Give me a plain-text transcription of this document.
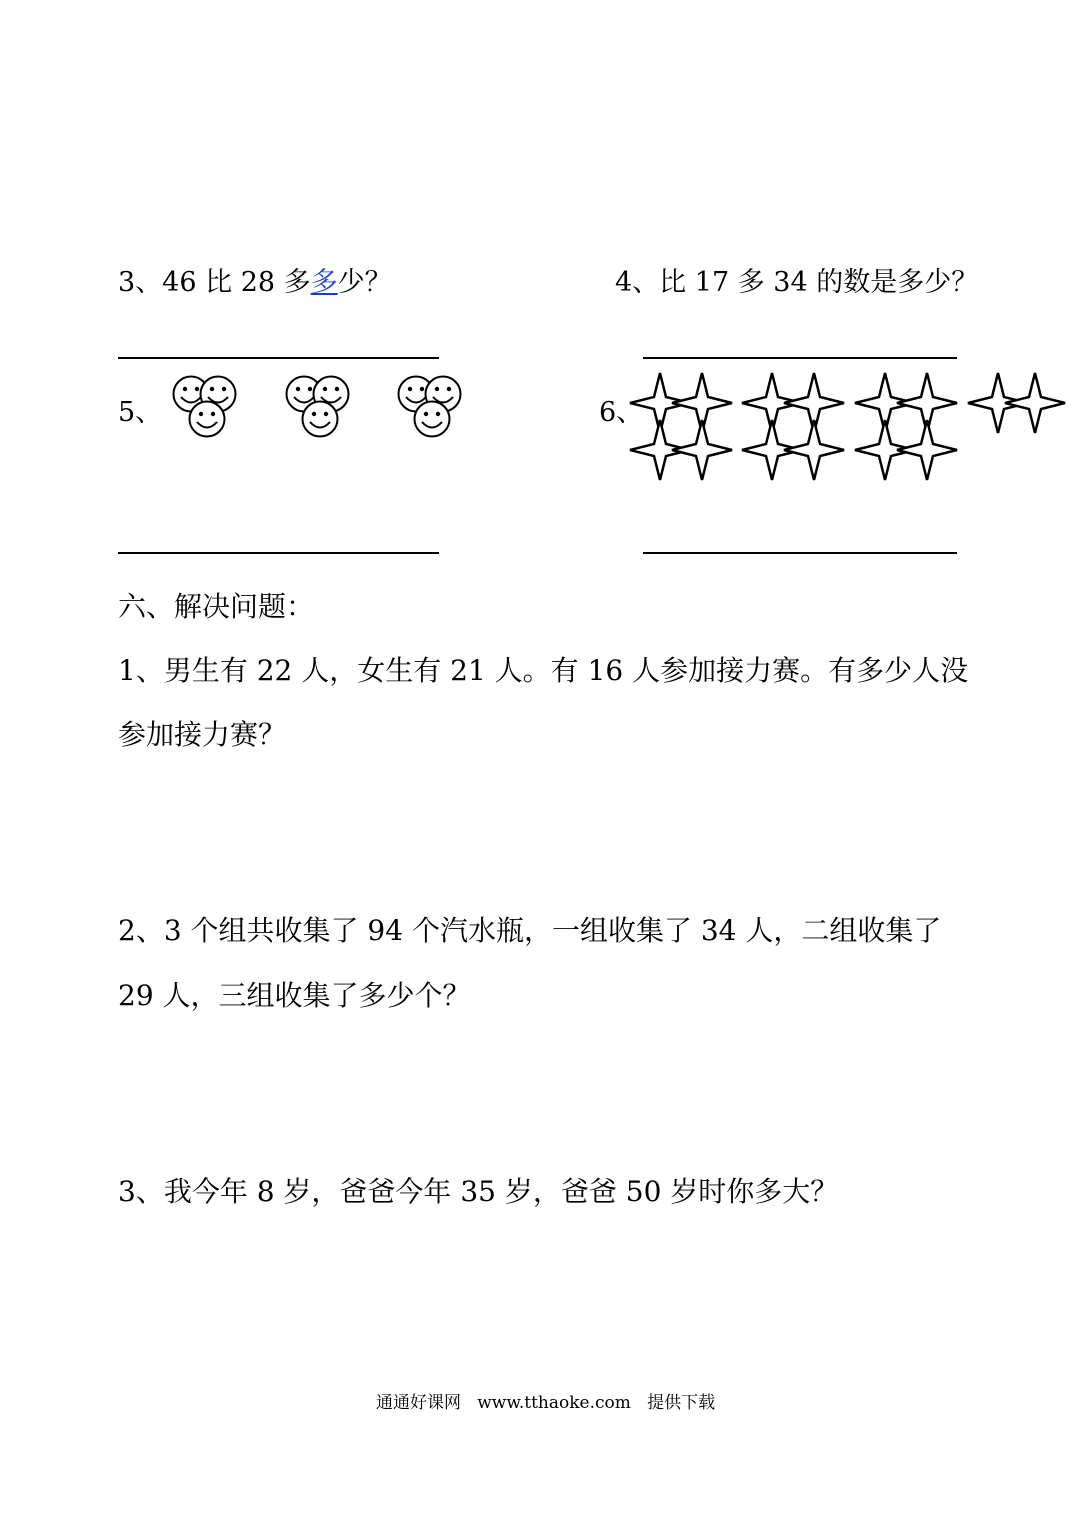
3、46 比 28 多多少？	4、比 17 多 34 的数是多少？
5、	6、
六、解决问题：
1、男生有 22 人，女生有 21 人。有 16 人参加接力赛。有多少人没
参加接力赛？
2、3 个组共收集了 94 个汽水瓶，一组收集了 34 人，二组收集了
29 人，三组收集了多少个？
3、我今年 8 岁，爸爸今年 35 岁，爸爸 50 岁时你多大？
通通好课网   www.tthaoke.com   提供下载
